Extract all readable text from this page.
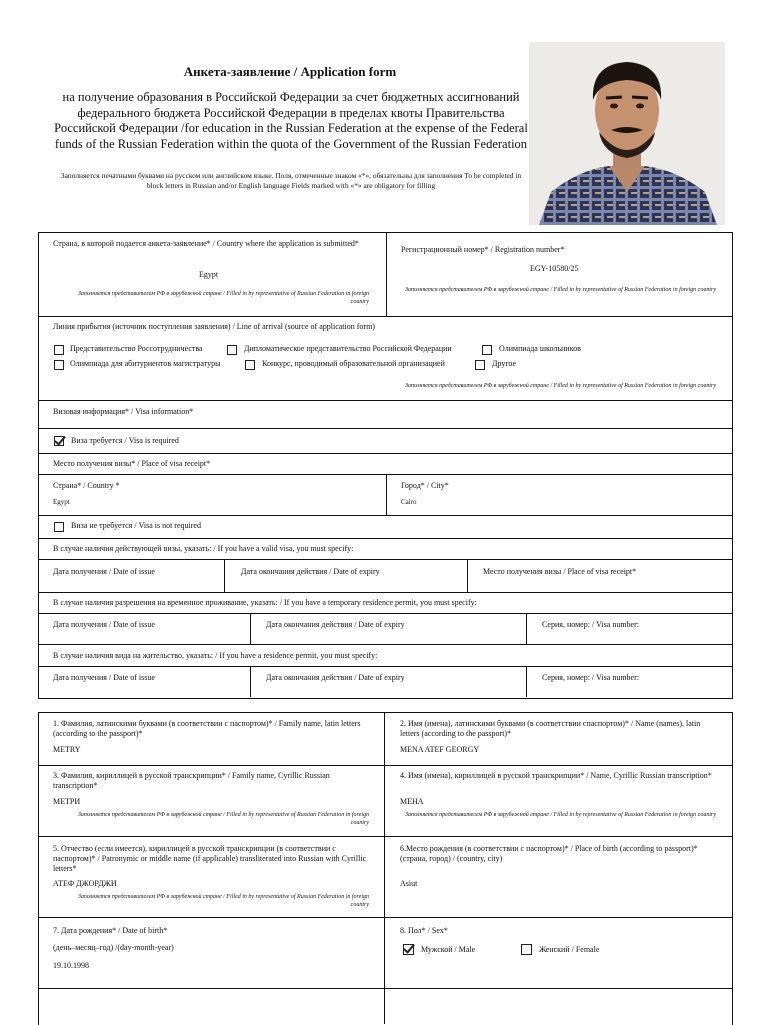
Анкета-заявление / Application form
на получение образования в Российской Федерации за счет бюджетных ассигнований федерального бюджета Российской Федерации в пределах квоты Правительства Российской Федерации /for education in the Russian Federation at the expense of the Federal funds of the Russian Federation within the quota of the Government of the Russian Federation
Заполняется печатными буквами на русском или английском языке. Поля, отмеченные знаком «*», обязательны для заполнения To be completed in block letters in Russian and/or English language Fields marked with «*» are obligatory for filling
Страна, в которой подается анкета-заявление* / Country where the application is submitted*
Egypt
Заполняется представителем РФ в зарубежной стране / Filled in by representative of Russian Federation in foreign country
Регистрационный номер* / Registration number*
EGY-10580/25
Заполняется представителем РФ в зарубежной стране / Filled in by representative of Russian Federation in foreign country
Линия прибытия (источник поступления заявления) / Line of arrival (source of application form)
Представительство Россотрудничества	Дипломатическое представительство Российской Федерации	Олимпиада школьников
Олимпиада для абитуриентов магистратуры	Конкурс, проводимый образовательной организацией	Другое
Заполняется представителем РФ в зарубежной стране / Filled in by representative of Russian Federation in foreign country
Визовая информация* / Visa information*
Виза требуется / Visa is required
Место получения визы* / Place of visa receipt*
Страна* / Country *
Egypt
Город* / City*
Cairo
Виза не требуется / Visa is not required
В случае наличия действующей визы, указать: / If you have a valid visa, you must specify:
Дата получения / Date of issue	Дата окончания действия / Date of expiry	Место получения визы / Place of visa receipt*
В случае наличия разрешения на временное проживание, указать: / If you have a temporary residence permit, you must specify:
Дата получения / Date of issue	Дата окончания действия / Date of expiry	Серия, номер: / Visa number:
В случае наличия вида на жительство, указать: / If you have a residence permit, you must specify:
Дата получения / Date of issue	Дата окончания действия / Date of expiry	Серия, номер: / Visa number:
1. Фамилия, латинскими буквами (в соответствии с паспортом)* / Family name, latin letters (according to the passport)*
METRY
2. Имя (имена), латинскими буквами (в соответствии спаспортом)* / Name (names), latin letters (according to the passport)*
MENA ATEF GEORGY
3. Фамилия, кириллицей в русской транскрипции* / Family name, Cyrillic Russian transcription*
МЕТРИ
Заполняется представителем РФ в зарубежной стране / Filled in by representative of Russian Federation in foreign country
4. Имя (имена), кириллицей в русской транскрипции* / Name, Cyrillic Russian transcription*
МЕНА
Заполняется представителем РФ в зарубежной стране / Filled in by representative of Russian Federation in foreign country
5. Отчество (если имеется), кириллицей в русской транскрипции (в соответствии с паспортом)* / Patronymic or middle name (if applicable) transliterated into Russian with Cyrillic letters*
АТЕФ ДЖОРДЖИ
Заполняется представителем РФ в зарубежной стране / Filled in by representative of Russian Federation in foreign country
6.Место рождения (в соответствии с паспортом)* / Place of birth (according to passport)* (страна, город) / (country, city)
Asiut
7. Дата рождения* / Date of birth*
(день–месяц–год) /(day-month-year)
19.10.1998
8. Пол* / Sex*
Мужской / Male	Женский / Female
